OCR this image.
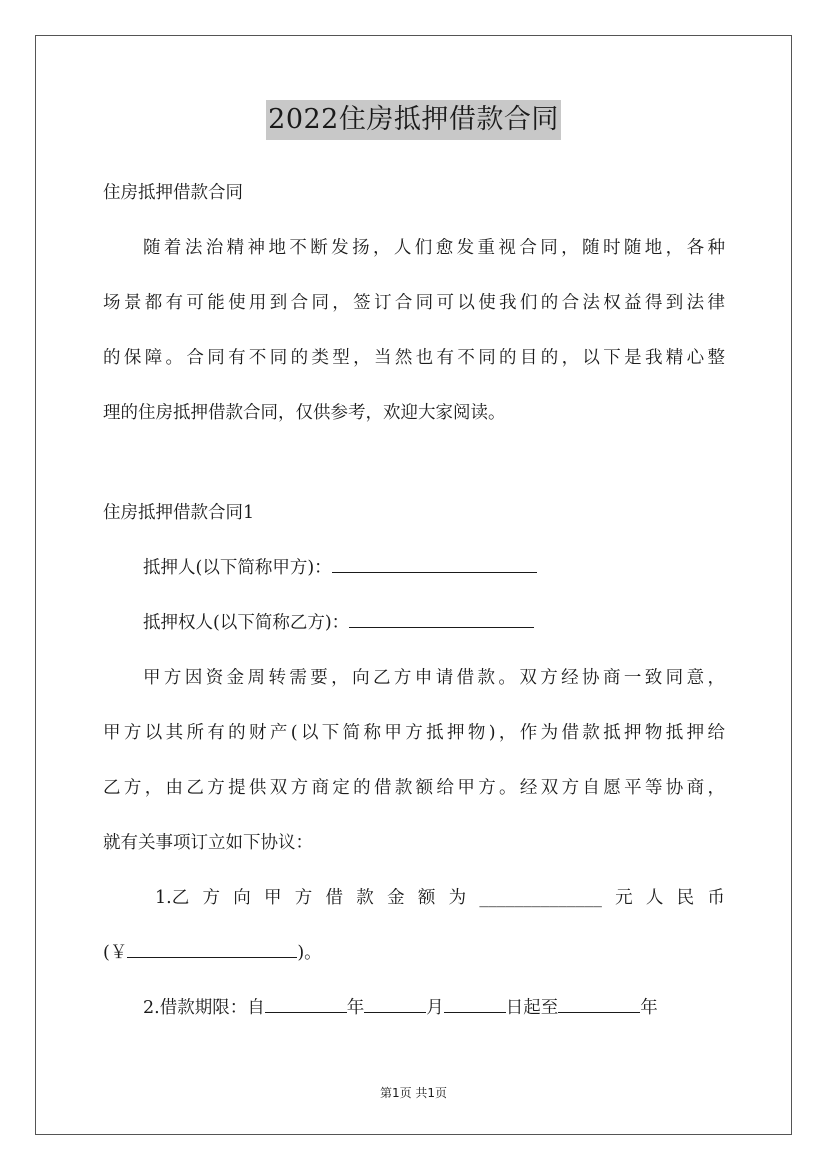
2022住房抵押借款合同
住房抵押借款合同
随着法治精神地不断发扬，人们愈发重视合同，随时随地，各种
场景都有可能使用到合同，签订合同可以使我们的合法权益得到法律
的保障。合同有不同的类型，当然也有不同的目的，以下是我精心整
理的住房抵押借款合同，仅供参考，欢迎大家阅读。
住房抵押借款合同1
抵押人(以下简称甲方)：
抵押权人(以下简称乙方)：
甲方因资金周转需要，向乙方申请借款。双方经协商一致同意，
甲方以其所有的财产(以下简称甲方抵押物)，作为借款抵押物抵押给
乙方，由乙方提供双方商定的借款额给甲方。经双方自愿平等协商，
就有关事项订立如下协议：
1.乙 方 向 甲 方 借 款 金 额 为 ______________ 元 人 民 币
(￥	)。
2.借款期限：自	年	月	日起至	年
第1页 共1页
